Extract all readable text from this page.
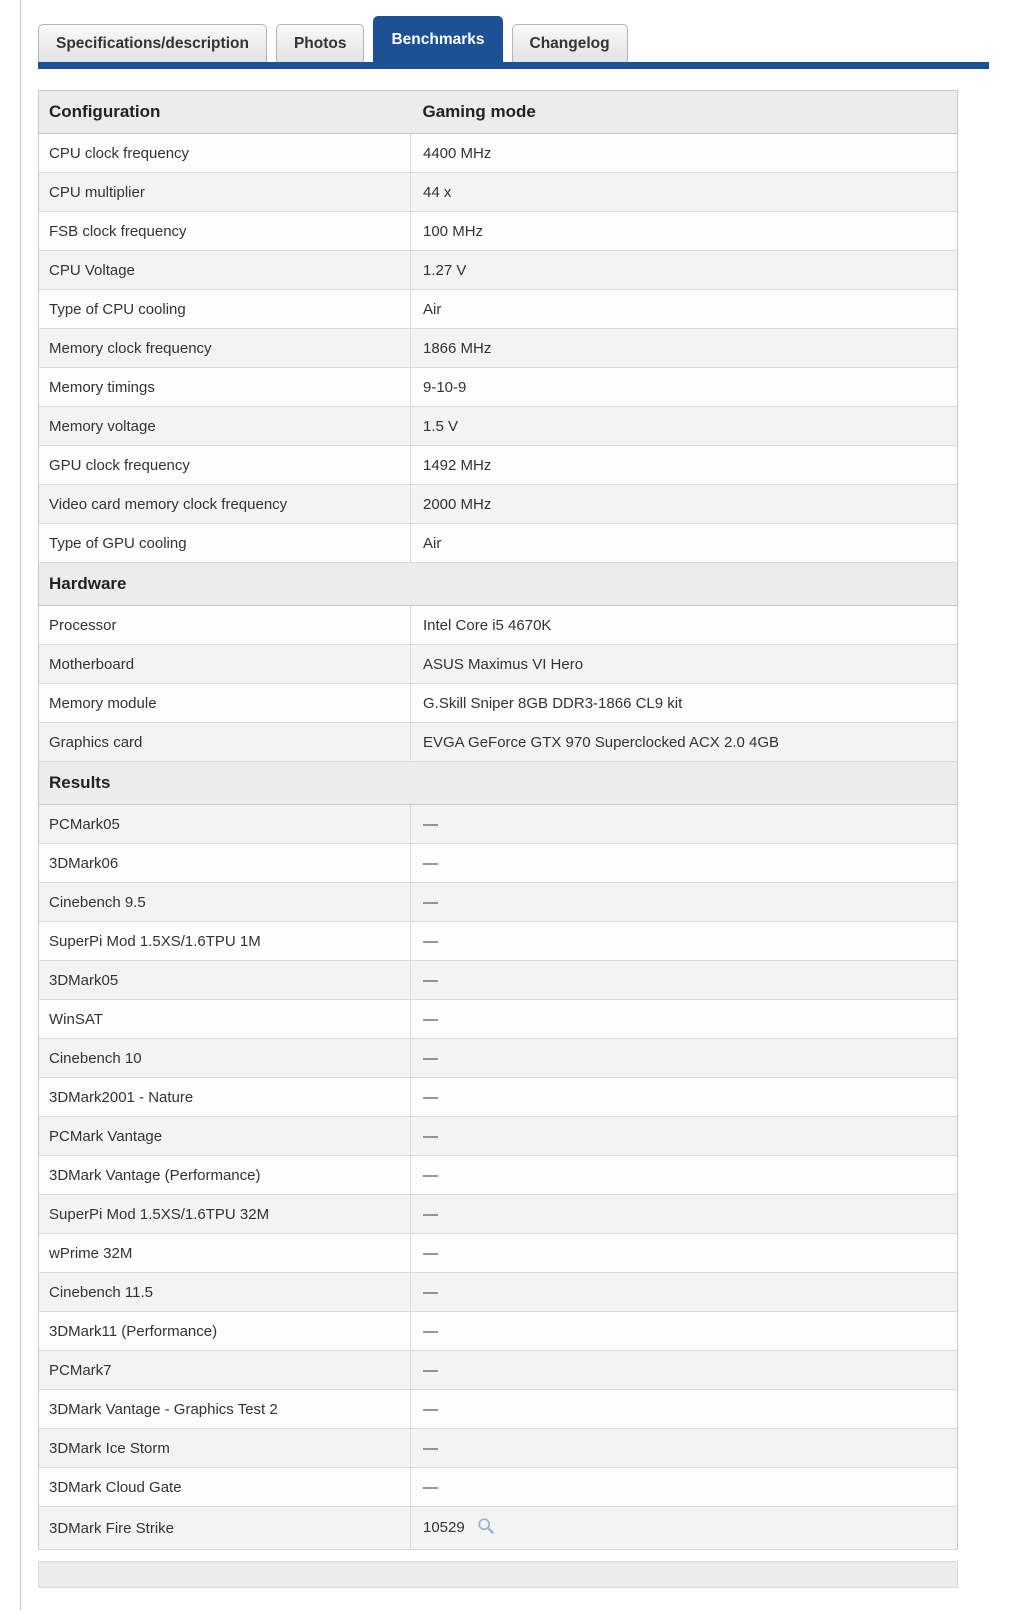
Specifications/description	Photos	Benchmarks	Changelog
Configuration	Gaming mode
CPU clock frequency	4400 MHz
CPU multiplier	44 x
FSB clock frequency	100 MHz
CPU Voltage	1.27 V
Type of CPU cooling	Air
Memory clock frequency	1866 MHz
Memory timings	9-10-9
Memory voltage	1.5 V
GPU clock frequency	1492 MHz
Video card memory clock frequency	2000 MHz
Type of GPU cooling	Air
Hardware	
Processor	Intel Core i5 4670K
Motherboard	ASUS Maximus VI Hero
Memory module	G.Skill Sniper 8GB DDR3-1866 CL9 kit
Graphics card	EVGA GeForce GTX 970 Superclocked ACX 2.0 4GB
Results	
PCMark05	—
3DMark06	—
Cinebench 9.5	—
SuperPi Mod 1.5XS/1.6TPU 1M	—
3DMark05	—
WinSAT	—
Cinebench 10	—
3DMark2001 - Nature	—
PCMark Vantage	—
3DMark Vantage (Performance)	—
SuperPi Mod 1.5XS/1.6TPU 32M	—
wPrime 32M	—
Cinebench 11.5	—
3DMark11 (Performance)	—
PCMark7	—
3DMark Vantage - Graphics Test 2	—
3DMark Ice Storm	—
3DMark Cloud Gate	—
3DMark Fire Strike	10529
